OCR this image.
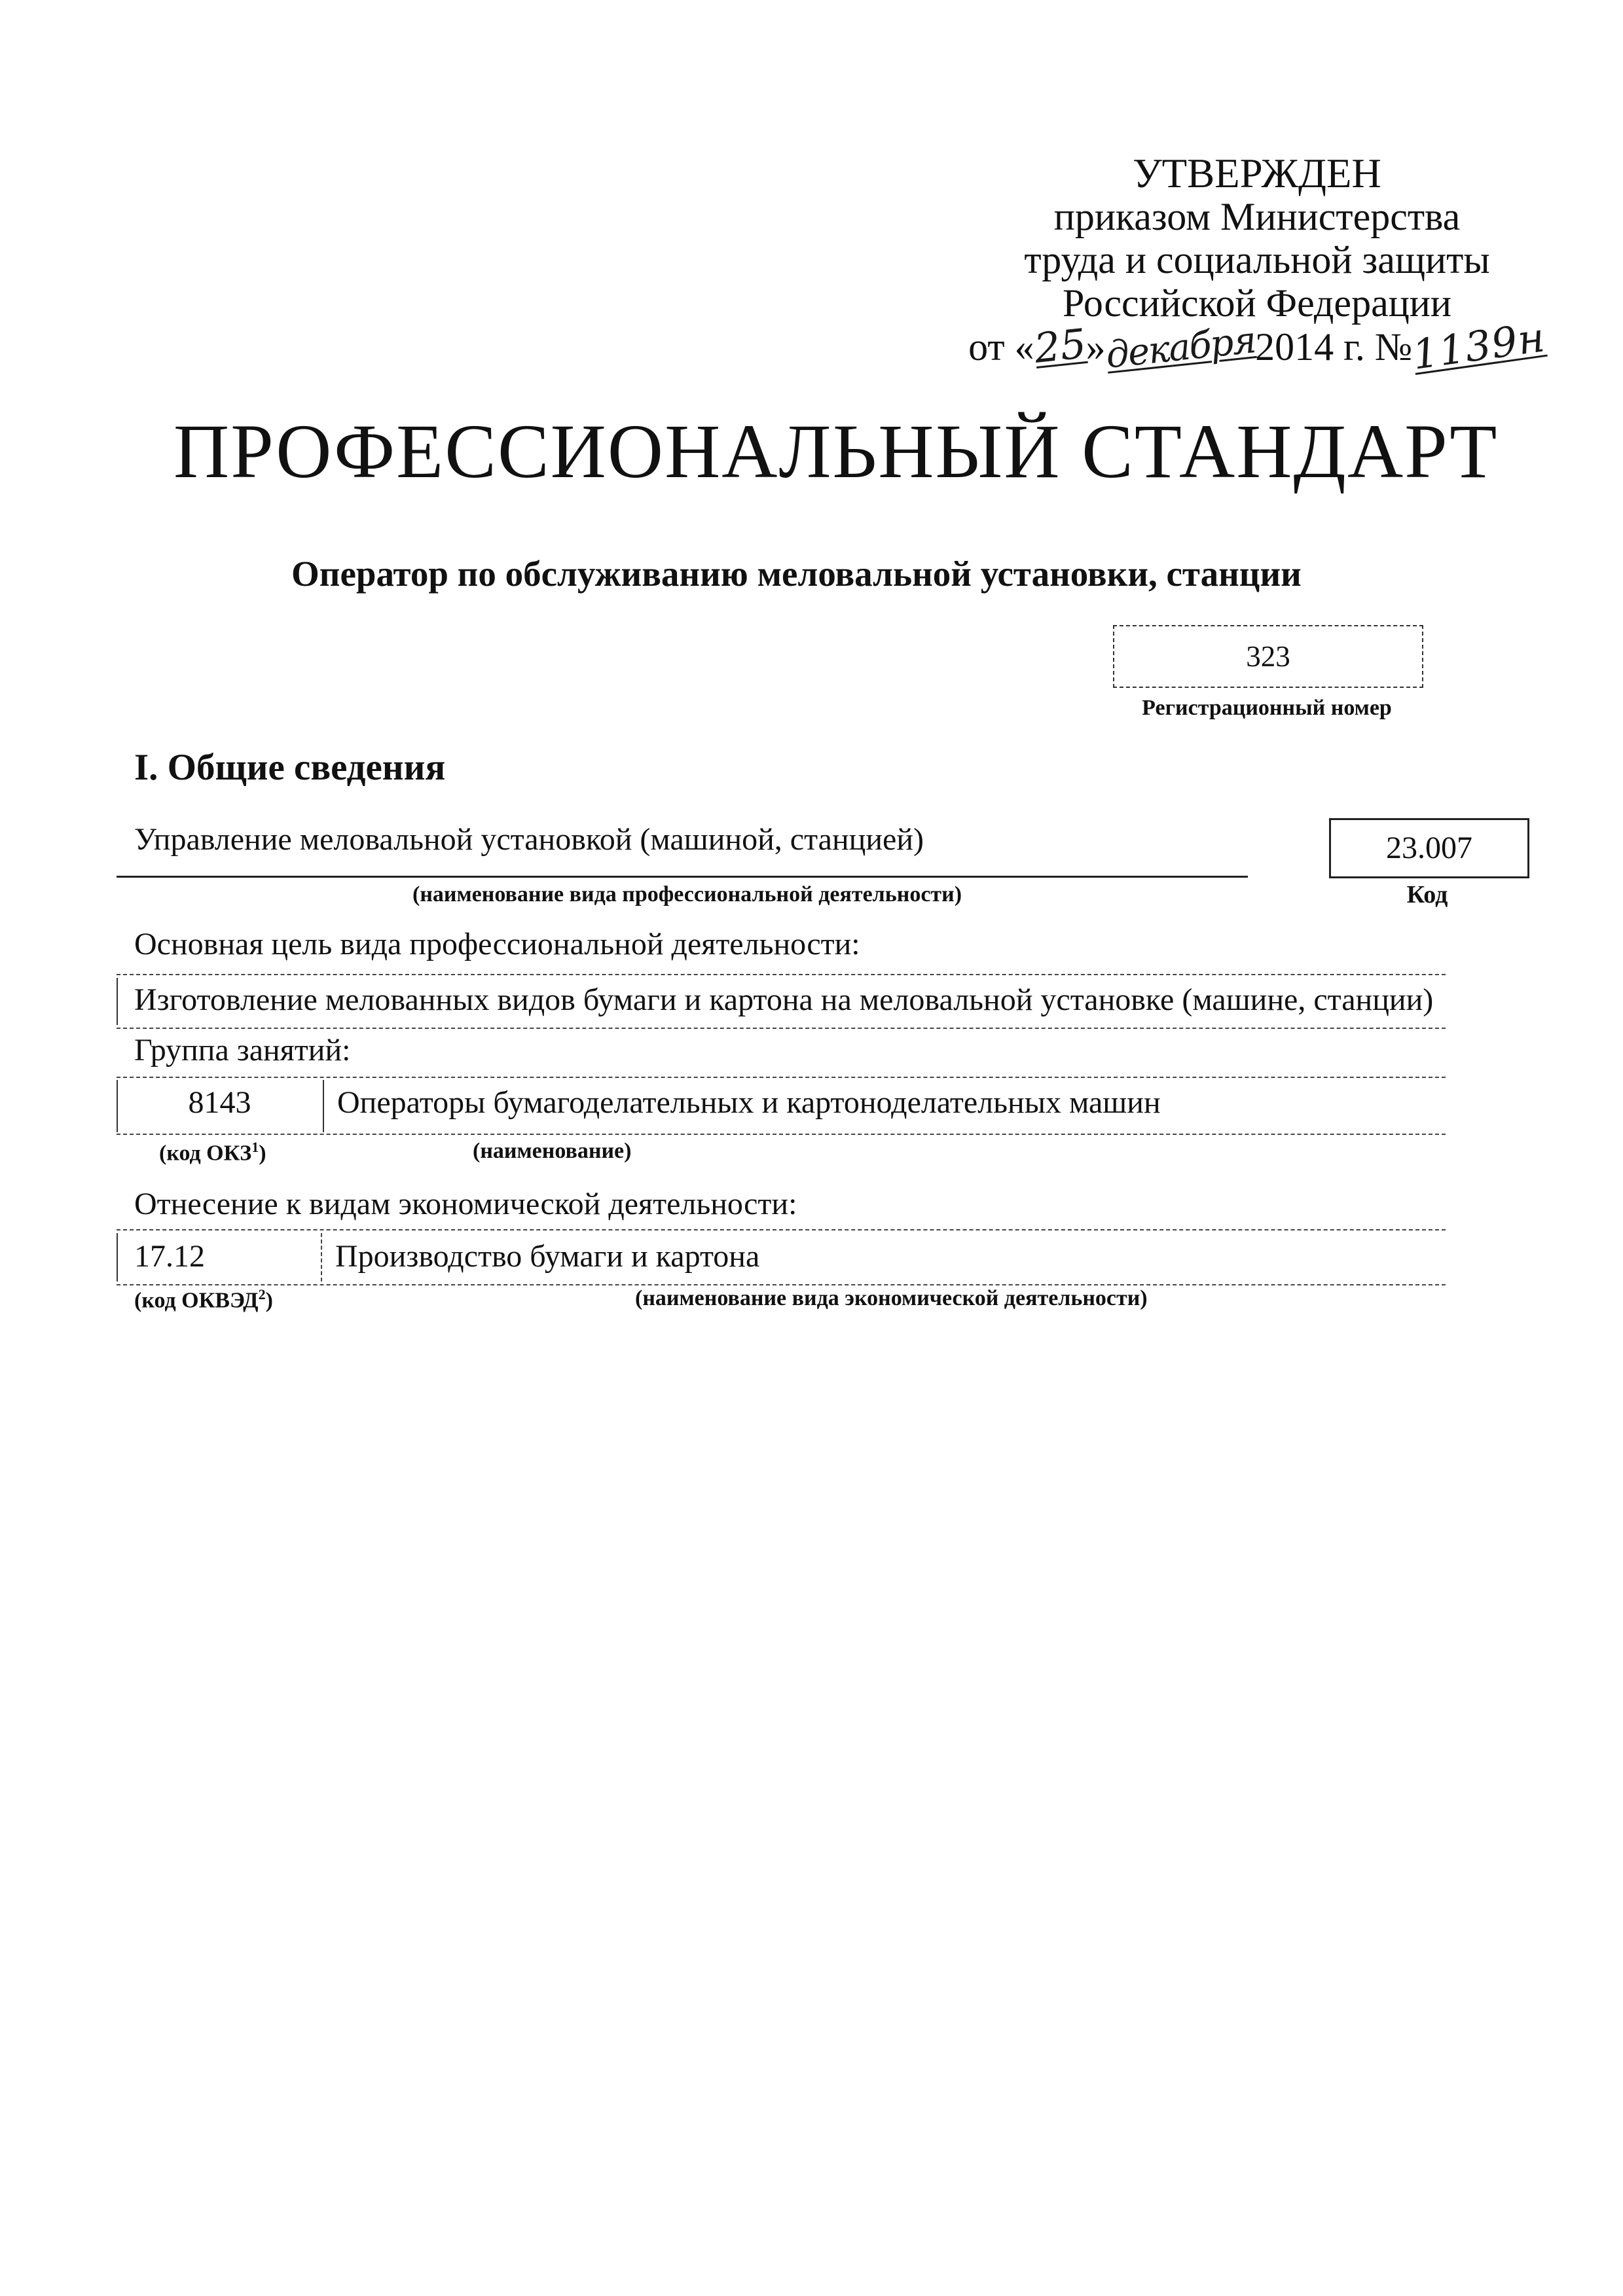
УТВЕРЖДЕН
приказом Министерства
труда и социальной защиты
Российской Федерации
от «25»декабря2014 г. №1139н
ПРОФЕССИОНАЛЬНЫЙ СТАНДАРТ
Оператор по обслуживанию меловальной установки, станции
323
Регистрационный номер
I. Общие сведения
Управление меловальной установкой (машиной, станцией)
(наименование вида профессиональной деятельности)
23.007
Код
Основная цель вида профессиональной деятельности:
Изготовление мелованных видов бумаги и картона на меловальной установке (машине, станции)
Группа занятий:
8143	Операторы бумагоделательных и картоноделательных машин
(код ОКЗ$^1$)	(наименование)
Отнесение к видам экономической деятельности:
17.12	Производство бумаги и картона
(код ОКВЭД$^2$)	(наименование вида экономической деятельности)
